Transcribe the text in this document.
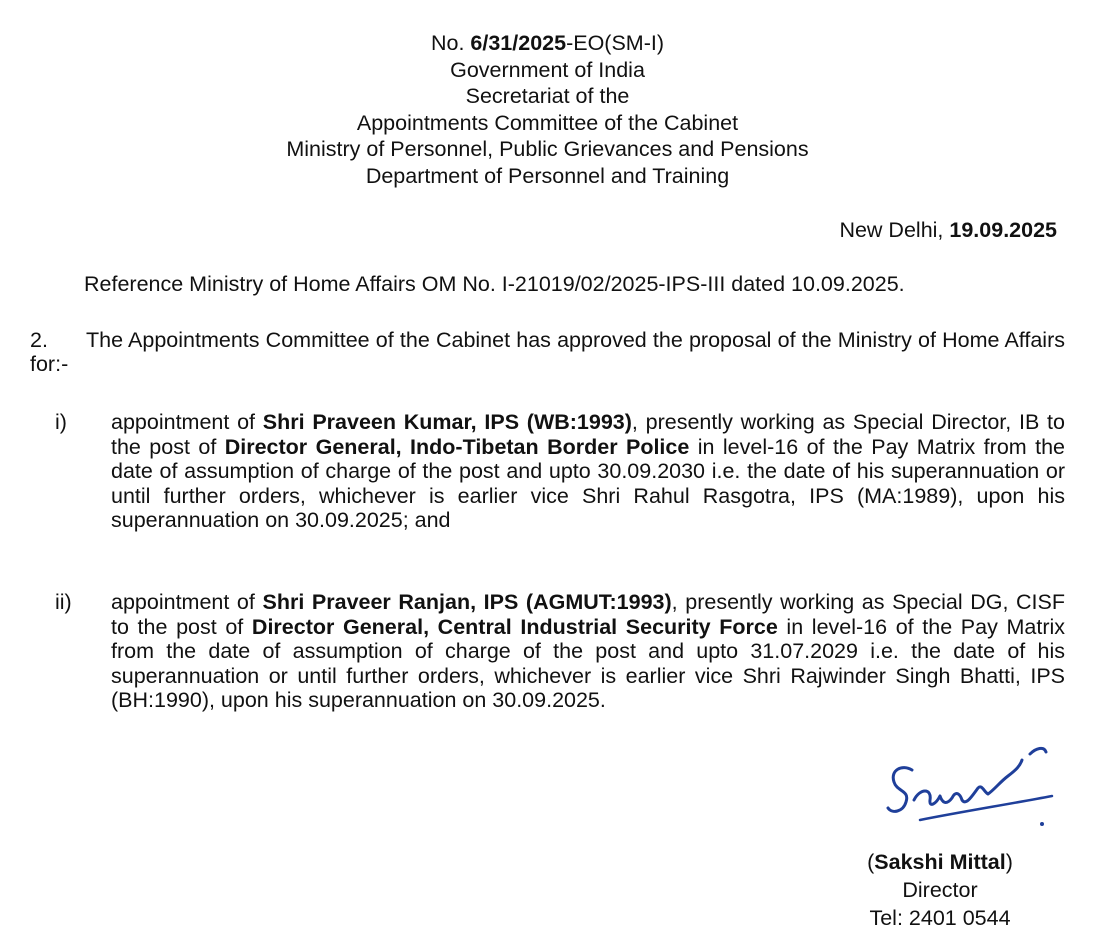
No. 6/31/2025-EO(SM-I)
Government of India
Secretariat of the
Appointments Committee of the Cabinet
Ministry of Personnel, Public Grievances and Pensions
Department of Personnel and Training
New Delhi, 19.09.2025
Reference Ministry of Home Affairs OM No. I-21019/02/2025-IPS-III dated 10.09.2025.
2. The Appointments Committee of the Cabinet has approved the proposal of the Ministry of Home Affairs for:-
i) appointment of Shri Praveen Kumar, IPS (WB:1993), presently working as Special Director, IB to the post of Director General, Indo-Tibetan Border Police in level-16 of the Pay Matrix from the date of assumption of charge of the post and upto 30.09.2030 i.e. the date of his superannuation or until further orders, whichever is earlier vice Shri Rahul Rasgotra, IPS (MA:1989), upon his superannuation on 30.09.2025; and
ii) appointment of Shri Praveer Ranjan, IPS (AGMUT:1993), presently working as Special DG, CISF to the post of Director General, Central Industrial Security Force in level-16 of the Pay Matrix from the date of assumption of charge of the post and upto 31.07.2029 i.e. the date of his superannuation or until further orders, whichever is earlier vice Shri Rajwinder Singh Bhatti, IPS (BH:1990), upon his superannuation on 30.09.2025.
(Sakshi Mittal)
Director
Tel: 2401 0544
